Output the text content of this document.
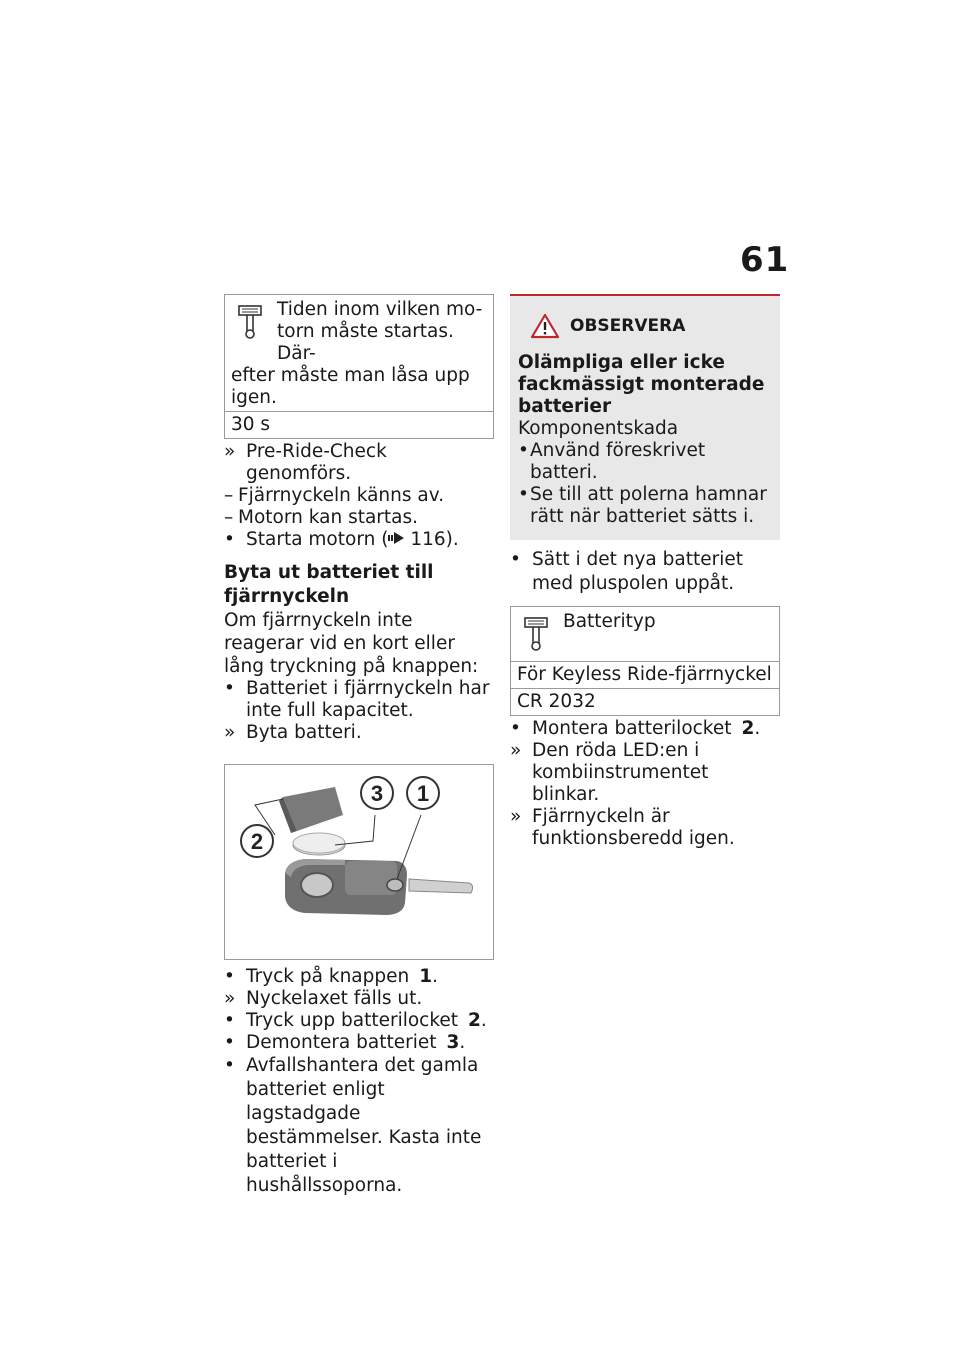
61
Tiden inom vilken mo-
torn måste startas. Där-
efter måste man låsa upp igen.
30 s
» Pre-Ride-Check genomförs.
– Fjärrnyckeln känns av.
– Motorn kan startas.
• Starta motorn ( 116).
Byta ut batteriet till fjärrnyckeln
Om fjärrnyckeln inte reagerar vid en kort eller lång tryckning på knappen:
• Batteriet i fjärrnyckeln har inte full kapacitet.
» Byta batteri.
2
3 1
• Tryck på knappen 1.
» Nyckelaxet fälls ut.
• Tryck upp batterilocket 2.
• Demontera batteriet 3.
• Avfallshantera det gamla batteriet enligt lagstadgade bestämmelser. Kasta inte batteriet i hushållssoporna.
OBSERVERA
Olämpliga eller icke fackmässigt monterade batterier
Komponentskada
• Använd föreskrivet batteri.
• Se till att polerna hamnar rätt när batteriet sätts i.
• Sätt i det nya batteriet med pluspolen uppåt.
Batterityp
För Keyless Ride-fjärrnyckel
CR 2032
• Montera batterilocket 2.
» Den röda LED:en i kombiinstrumentet blinkar.
» Fjärrnyckeln är funktionsberedd igen.
